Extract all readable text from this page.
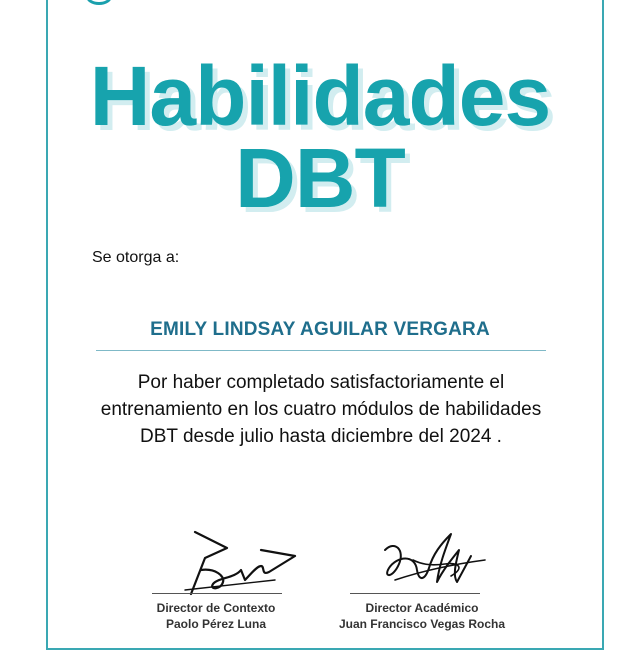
Habilidades
DBT
Se otorga a:
EMILY LINDSAY AGUILAR VERGARA
Por haber completado satisfactoriamente el entrenamiento en los cuatro módulos de habilidades DBT desde julio hasta diciembre del 2024 .
Director de Contexto
Paolo Pérez Luna
Director Académico
Juan Francisco Vegas Rocha
